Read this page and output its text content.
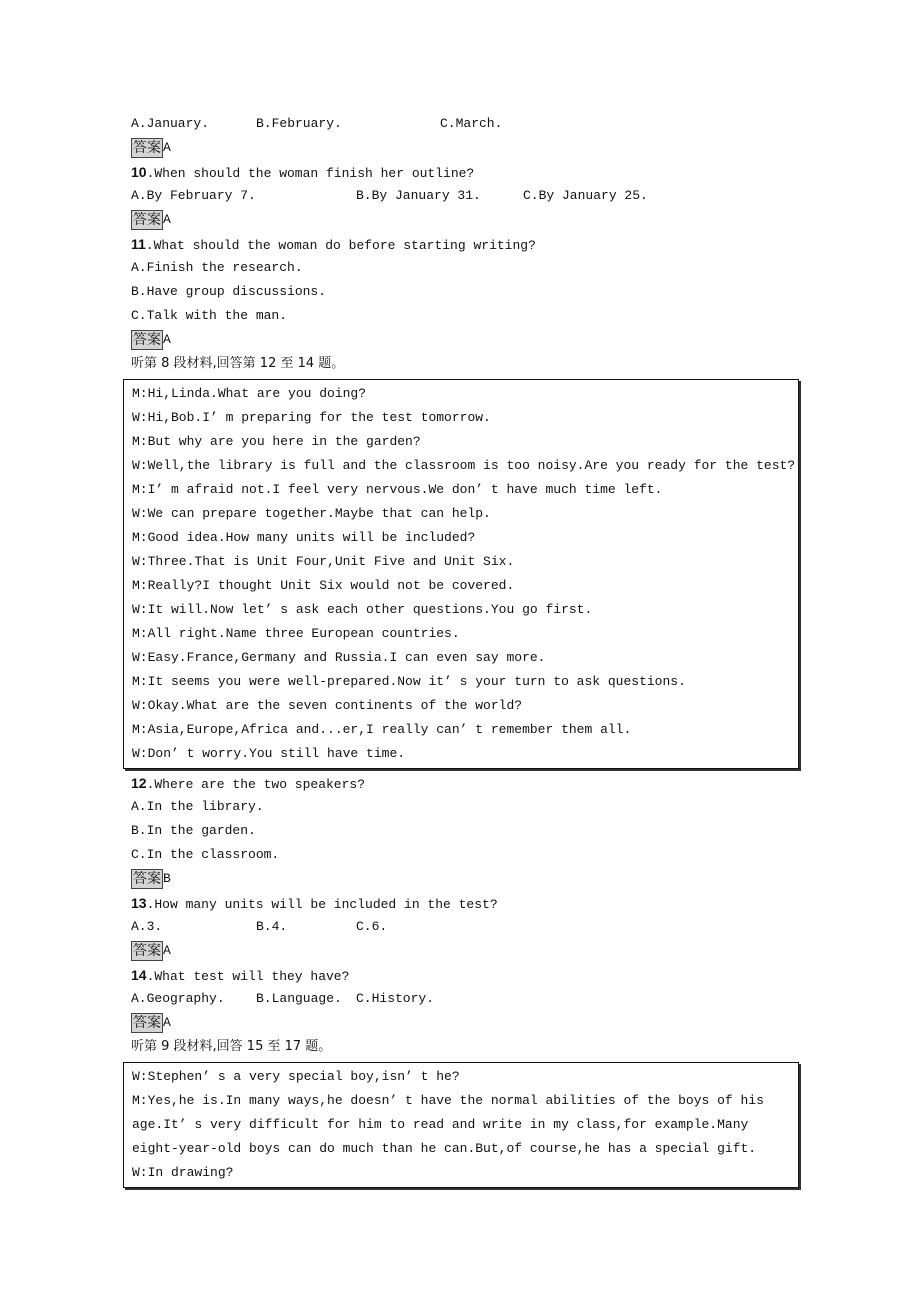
A.January.

	B.February.

	C.March.

答案 A
10.When should the woman finish her outline?

A.By February 7.

	B.By January 31.

	C.By January 25.

答案 A
11.What should the woman do before starting writing?
A.Finish the research.
B.Have group discussions.
C.Talk with the man.
答案 A
听第 8 段材料,回答第 12 至 14 题。
M:Hi,Linda.What are you doing?
W:Hi,Bob.I’ m preparing for the test tomorrow.
M:But why are you here in the garden?
W:Well,the library is full and the classroom is too noisy.Are you ready for the test?
M:I’ m afraid not.I feel very nervous.We don’ t have much time left.
W:We can prepare together.Maybe that can help.
M:Good idea.How many units will be included?
W:Three.That is Unit Four,Unit Five and Unit Six.
M:Really?I thought Unit Six would not be covered.
W:It will.Now let’ s ask each other questions.You go first.
M:All right.Name three European countries.
W:Easy.France,Germany and Russia.I can even say more.
M:It seems you were well-prepared.Now it’ s your turn to ask questions.
W:Okay.What are the seven continents of the world?
M:Asia,Europe,Africa and...er,I really can’ t remember them all.
W:Don’ t worry.You still have time.
12.Where are the two speakers?
A.In the library.
B.In the garden.
C.In the classroom.
答案 B
13.How many units will be included in the test?

A.3.

	B.4.

	C.6.

答案 A
14.What test will they have?

A.Geography.

B.Language.

C.History.

答案 A
听第 9 段材料,回答 15 至 17 题。
W:Stephen’ s a very special boy,isn’ t he?
M:Yes,he is.In many ways,he doesn’ t have the normal abilities of the boys of his
age.It’ s very difficult for him to read and write in my class,for example.Many
eight-year-old boys can do much than he can.But,of course,he has a special gift.
W:In drawing?
